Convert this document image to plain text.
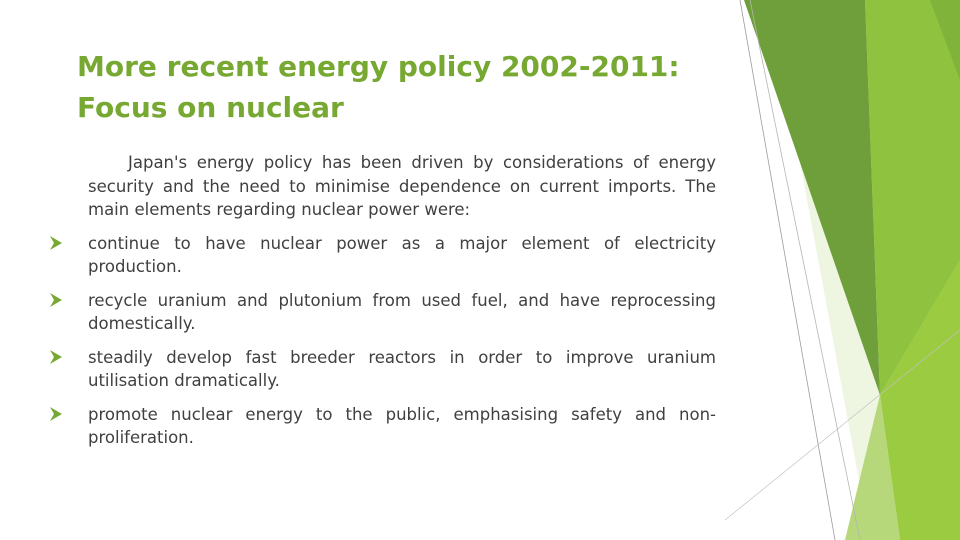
More recent energy policy 2002-2011:
Focus on nuclear

Japan's energy policy has been driven by considerations of energy security and the need to minimise dependence on current imports. The main elements regarding nuclear power were:

continue to have nuclear power as a major element of electricity production.
recycle uranium and plutonium from used fuel, and have reprocessing domestically.
steadily develop fast breeder reactors in order to improve uranium utilisation dramatically.
promote nuclear energy to the public, emphasising safety and non-proliferation.
